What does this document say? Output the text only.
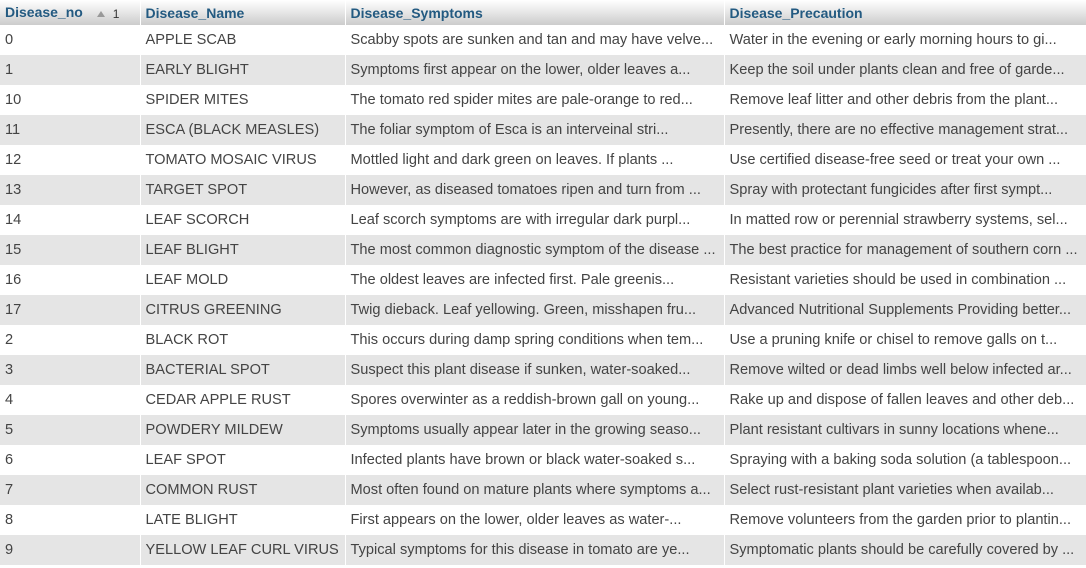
Disease_no 1	Disease_Name	Disease_Symptoms	Disease_Precaution
0	APPLE SCAB	Scabby spots are sunken and tan and may have velve...	Water in the evening or early morning hours to gi...
1	EARLY BLIGHT	Symptoms first appear on the lower, older leaves a...	Keep the soil under plants clean and free of garde...
10	SPIDER MITES	The tomato red spider mites are pale-orange to red...	Remove leaf litter and other debris from the plant...
11	ESCA (BLACK MEASLES)	The foliar symptom of Esca is an interveinal stri...	Presently, there are no effective management strat...
12	TOMATO MOSAIC VIRUS	Mottled light and dark green on leaves. If plants ...	Use certified disease-free seed or treat your own ...
13	TARGET SPOT	However, as diseased tomatoes ripen and turn from ...	Spray with protectant fungicides after first sympt...
14	LEAF SCORCH	Leaf scorch symptoms are with irregular dark purpl...	In matted row or perennial strawberry systems, sel...
15	LEAF BLIGHT	The most common diagnostic symptom of the disease ...	The best practice for management of southern corn ...
16	LEAF MOLD	The oldest leaves are infected first. Pale greenis...	Resistant varieties should be used in combination ...
17	CITRUS GREENING	Twig dieback. Leaf yellowing. Green, misshapen fru...	Advanced Nutritional Supplements Providing better...
2	BLACK ROT	This occurs during damp spring conditions when tem...	Use a pruning knife or chisel to remove galls on t...
3	BACTERIAL SPOT	Suspect this plant disease if sunken, water-soaked...	Remove wilted or dead limbs well below infected ar...
4	CEDAR APPLE RUST	Spores overwinter as a reddish-brown gall on young...	Rake up and dispose of fallen leaves and other deb...
5	POWDERY MILDEW	Symptoms usually appear later in the growing seaso...	Plant resistant cultivars in sunny locations whene...
6	LEAF SPOT	Infected plants have brown or black water-soaked s...	Spraying with a baking soda solution (a tablespoon...
7	COMMON RUST	Most often found on mature plants where symptoms a...	Select rust-resistant plant varieties when availab...
8	LATE BLIGHT	First appears on the lower, older leaves as water-...	Remove volunteers from the garden prior to plantin...
9	YELLOW LEAF CURL VIRUS	Typical symptoms for this disease in tomato are ye...	Symptomatic plants should be carefully covered by ...
